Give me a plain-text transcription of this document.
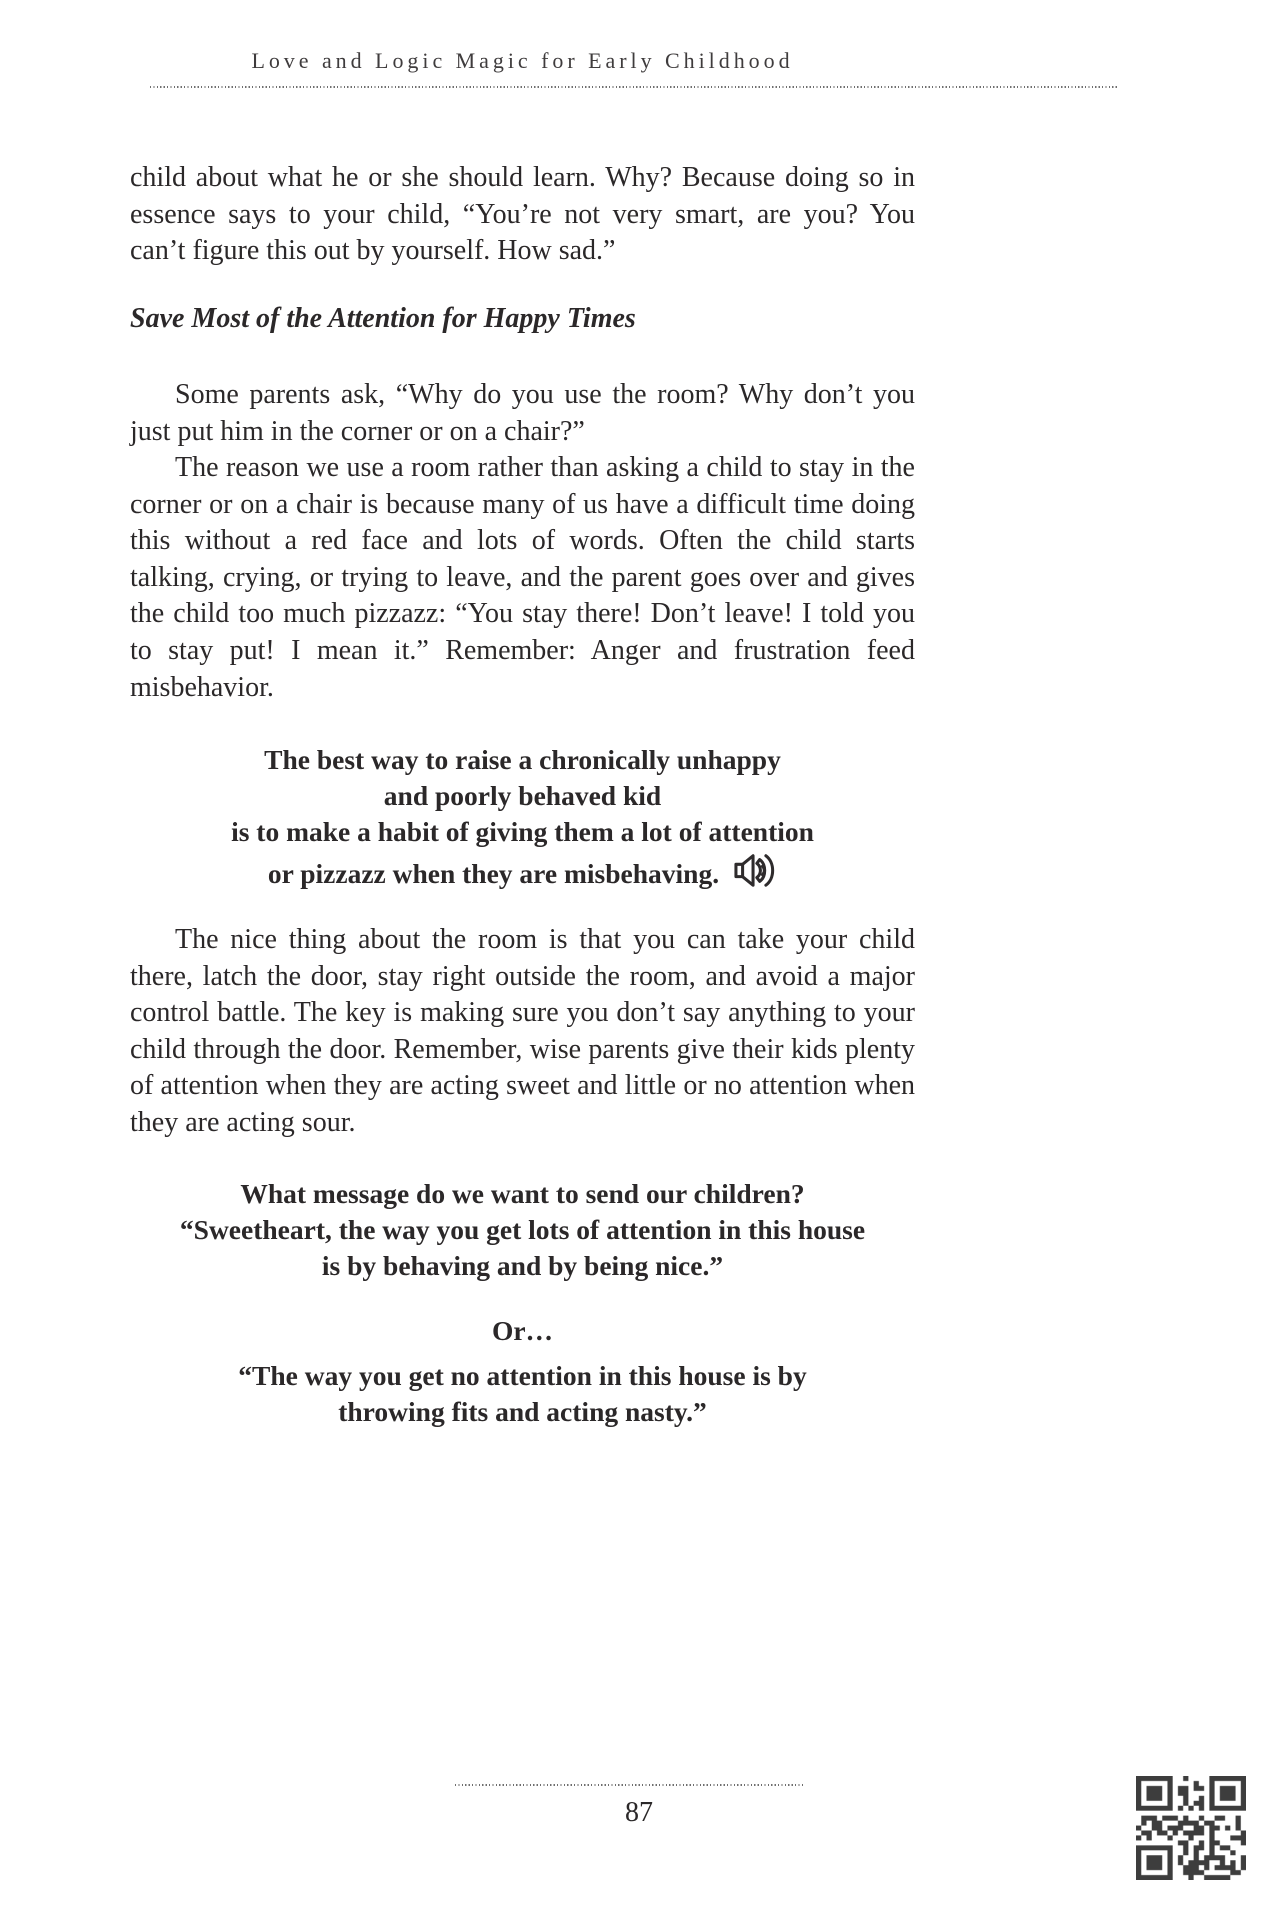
Love and Logic Magic for Early Childhood

child about what he or she should learn. Why? Because doing so in essence says to your child, “You’re not very smart, are you? You can’t figure this out by yourself. How sad.”

Save Most of the Attention for Happy Times

Some parents ask, “Why do you use the room? Why don’t you just put him in the corner or on a chair?”

The reason we use a room rather than asking a child to stay in the corner or on a chair is because many of us have a difficult time doing this without a red face and lots of words. Often the child starts talking, crying, or trying to leave, and the parent goes over and gives the child too much pizzazz: “You stay there! Don’t leave! I told you to stay put! I mean it.” Remember: Anger and frustration feed misbehavior.

The best way to raise a chronically unhappy
and poorly behaved kid
is to make a habit of giving them a lot of attention
or pizzazz when they are misbehaving.

The nice thing about the room is that you can take your child there, latch the door, stay right outside the room, and avoid a major control battle. The key is making sure you don’t say anything to your child through the door. Remember, wise parents give their kids plenty of attention when they are acting sweet and little or no attention when they are acting sour.

What message do we want to send our children?
“Sweetheart, the way you get lots of attention in this house
is by behaving and by being nice.”
Or…
“The way you get no attention in this house is by
throwing fits and acting nasty.”
87
